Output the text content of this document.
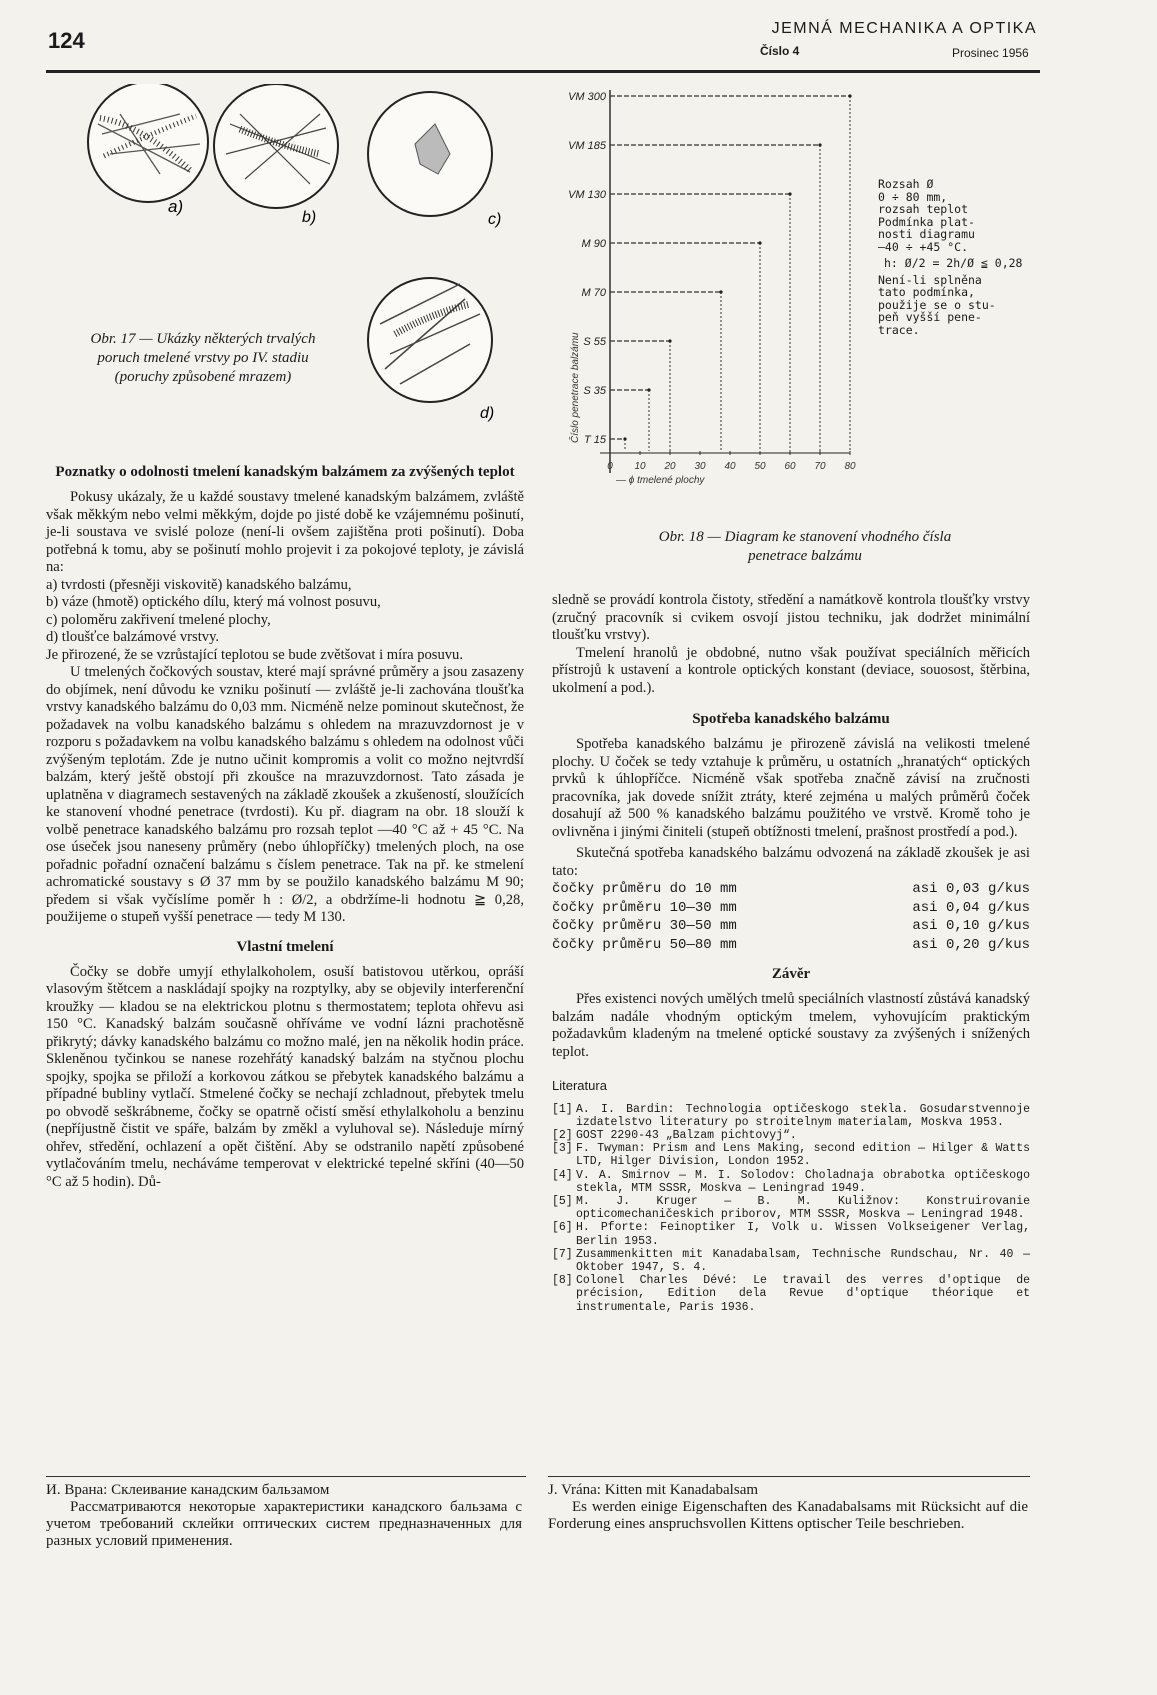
124	JEMNÁ MECHANIKA A OPTIKA
Číslo 4	Prosinec 1956
a)
b)	c)
d)
Obr. 17 — Ukázky některých trvalých
poruch tmelené vrstvy po IV. stadiu
(poruchy způsobené mrazem)
0 10 20 30 40 50 60 70 80
— ϕ tmelené plochy
Číslo penetrace balzámu
VM 300
VM 185
VM 130
M 90
M 70
S 55
S 35
T 15
Rozsah Ø
0 ÷ 80 mm,
rozsah teplot
Podmínka plat-
nosti diagramu
—40 ÷ +45 °C.
h: Ø/2 = 2h/Ø ≦ 0,28
Není-li splněna
tato podmínka,
použije se o stu-
peň vyšší pene-
trace.
Obr. 18 — Diagram ke stanovení vhodného čísla
penetrace balzámu
Poznatky o odolnosti tmelení kanadským balzámem za zvýšených teplot

Pokusy ukázaly, že u každé soustavy tmelené kanadským balzámem, zvláště však měkkým nebo velmi měkkým, dojde po jisté době ke vzájemnému pošinutí, je-li soustava ve svislé poloze (není-li ovšem zajištěna proti pošinutí). Doba potřebná k tomu, aby se pošinutí mohlo projevit i za pokojové teploty, je závislá na:

a) tvrdosti (přesněji viskovitě) kanadského balzámu,

b) váze (hmotě) optického dílu, který má volnost posuvu,

c) poloměru zakřivení tmelené plochy,

d) tloušťce balzámové vrstvy.

Je přirozené, že se vzrůstající teplotou se bude zvětšovat i míra posuvu.

U tmelených čočkových soustav, které mají správné průměry a jsou zasazeny do objímek, není důvodu ke vzniku pošinutí — zvláště je-li zachována tloušťka vrstvy kanadského balzámu do 0,03 mm. Nicméně nelze pominout skutečnost, že požadavek na volbu kanadského balzámu s ohledem na mrazuvzdornost je v rozporu s požadavkem na volbu kanadského balzámu s ohledem na odolnost vůči zvýšeným teplotám. Zde je nutno učinit kompromis a volit co možno nejtvrdší balzám, který ještě obstojí při zkoušce na mrazuvzdornost. Tato zásada je uplatněna v diagramech sestavených na základě zkoušek a zkušeností, sloužících ke stanovení vhodné penetrace (tvrdosti). Ku př. diagram na obr. 18 slouží k volbě penetrace kanadského balzámu pro rozsah teplot —40 °C až + 45 °C. Na ose úseček jsou naneseny průměry (nebo úhlopříčky) tmelených ploch, na ose pořadnic pořadní označení balzámu s číslem penetrace. Tak na př. ke stmelení achromatické soustavy s Ø 37 mm by se použilo kanadského balzámu M 90; předem si však vyčíslíme poměr h : Ø/2, a obdržíme-li hodnotu ≧ 0,28, použijeme o stupeň vyšší penetrace — tedy M 130.

Vlastní tmelení

Čočky se dobře umyjí ethylalkoholem, osuší batistovou utěrkou, opráší vlasovým štětcem a naskládají spojky na rozptylky, aby se objevily interferenční kroužky — kladou se na elektrickou plotnu s thermostatem; teplota ohřevu asi 150 °C. Kanadský balzám současně ohříváme ve vodní lázni prachotěsně přikrytý; dávky kanadského balzámu co možno malé, jen na několik hodin práce. Skleněnou tyčinkou se nanese rozehřátý kanadský balzám na styčnou plochu spojky, spojka se přiloží a korkovou zátkou se přebytek kanadského balzámu a případné bubliny vytlačí. Stmelené čočky se nechají zchladnout, přebytek tmelu po obvodě seškrábneme, čočky se opatrně očistí směsí ethylalkoholu a benzinu (nepříjustně čistit ve spáře, balzám by změkl a vyluhoval se). Následuje mírný ohřev, středění, ochlazení a opět čištění. Aby se odstranilo napětí způsobené vytlačováním tmelu, necháváme temperovat v elektrické tepelné skříni (40—50 °C až 5 hodin). Dů-

sledně se provádí kontrola čistoty, středění a namátkově kontrola tloušťky vrstvy (zručný pracovník si cvikem osvojí jistou techniku, jak dodržet minimální tloušťku vrstvy).

Tmelení hranolů je obdobné, nutno však používat speciálních měřicích přístrojů k ustavení a kontrole optických konstant (deviace, souosost, štěrbina, ukolmení a pod.).

Spotřeba kanadského balzámu

Spotřeba kanadského balzámu je přirozeně závislá na velikosti tmelené plochy. U čoček se tedy vztahuje k průměru, u ostatních „hranatých“ optických prvků k úhlopříčce. Nicméně však spotřeba značně závisí na zručnosti pracovníka, jak dovede snížit ztráty, které zejména u malých průměrů čoček dosahují až 500 % kanadského balzámu použitého ve vrstvě. Kromě toho je ovlivněna i jinými činiteli (stupeň obtížnosti tmelení, prašnost prostředí a pod.).

Skutečná spotřeba kanadského balzámu odvozená na základě zkoušek je asi tato:

čočky průměru do 10 mm	asi 0,03 g/kus
čočky průměru 10—30 mm	asi 0,04 g/kus
čočky průměru 30—50 mm	asi 0,10 g/kus
čočky průměru 50—80 mm	asi 0,20 g/kus
Závěr

Přes existenci nových umělých tmelů speciálních vlastností zůstává kanadský balzám nadále vhodným optickým tmelem, vyhovujícím praktickým požadavkům kladeným na tmelené optické soustavy za zvýšených i snížených teplot.

Literatura
[1] A. I. Bardin: Technologia optičeskogo stekla. Gosudarstvennoje izdatelstvo literatury po stroitelnym materialam, Moskva 1953.
[2] GOST 2290-43 „Balzam pichtovyj“.
[3] F. Twyman: Prism and Lens Making, second edition — Hilger & Watts LTD, Hilger Division, London 1952.
[4] V. A. Smirnov — M. I. Solodov: Choladnaja obrabotka optičeskogo stekla, MTM SSSR, Moskva — Leningrad 1949.
[5] M. J. Kruger — B. M. Kuližnov: Konstruirovanie opticomechaničeskich priborov, MTM SSSR, Moskva — Leningrad 1948.
[6] H. Pforte: Feinoptiker I, Volk u. Wissen Volkseigener Verlag, Berlin 1953.
[7] Zusammenkitten mit Kanadabalsam, Technische Rundschau, Nr. 40 — Oktober 1947, S. 4.
[8] Colonel Charles Dévé: Le travail des verres d'optique de précision, Edition dela Revue d'optique théorique et instrumentale, Paris 1936.
И. Врана: Склеивание канадским бальзамом

Рассматриваются некоторые характеристики канадского бальзама с учетом требований склейки оптических систем предназначенных для разных условий применения.

J. Vrána: Kitten mit Kanadabalsam

Es werden einige Eigenschaften des Kanadabalsams mit Rücksicht auf die Forderung eines anspruchsvollen Kittens optischer Teile beschrieben.
